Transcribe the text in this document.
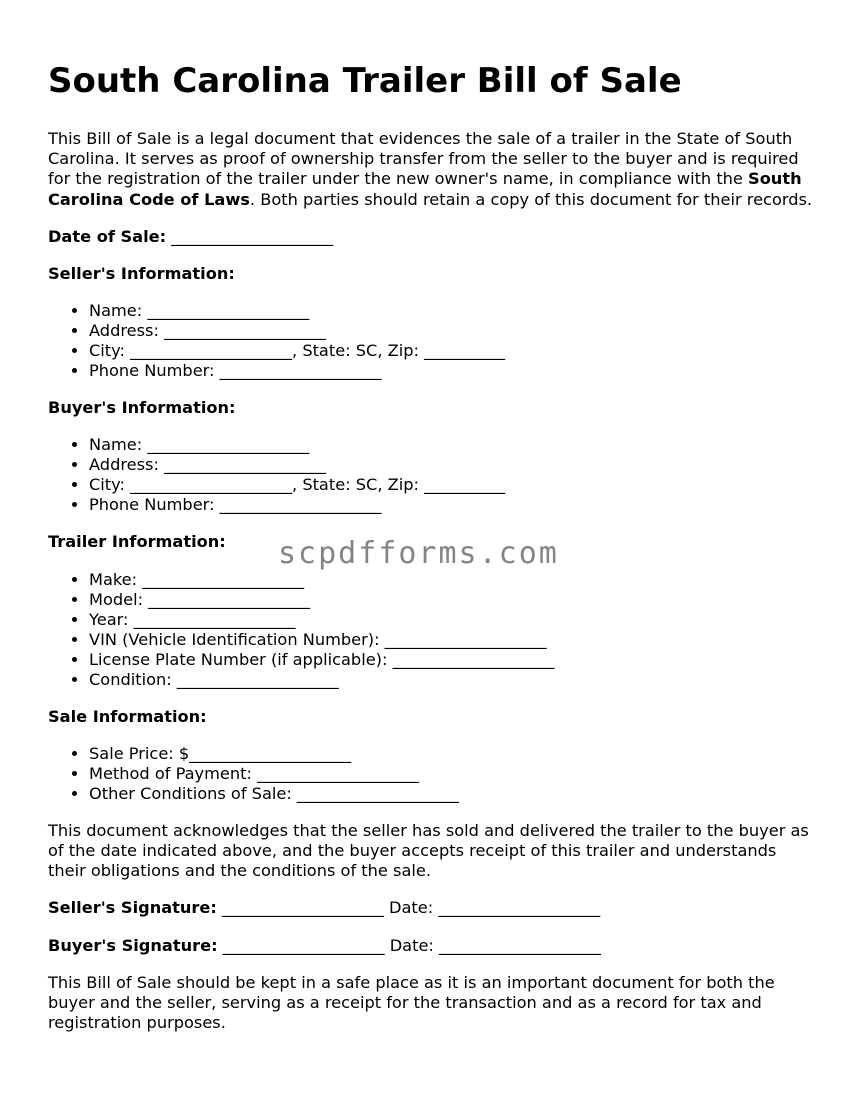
South Carolina Trailer Bill of Sale

This Bill of Sale is a legal document that evidences the sale of a trailer in the State of South Carolina. It serves as proof of ownership transfer from the seller to the buyer and is required for the registration of the trailer under the new owner's name, in compliance with the South Carolina Code of Laws. Both parties should retain a copy of this document for their records.

Date of Sale: ____________________

Seller's Information:

• Name: ____________________
• Address: ____________________
• City: ____________________, State: SC, Zip: __________
• Phone Number: ____________________

Buyer's Information:

• Name: ____________________
• Address: ____________________
• City: ____________________, State: SC, Zip: __________
• Phone Number: ____________________

Trailer Information:

• Make: ____________________
• Model: ____________________
• Year: ____________________
• VIN (Vehicle Identification Number): ____________________
• License Plate Number (if applicable): ____________________
• Condition: ____________________

Sale Information:

• Sale Price: $____________________
• Method of Payment: ____________________
• Other Conditions of Sale: ____________________

This document acknowledges that the seller has sold and delivered the trailer to the buyer as of the date indicated above, and the buyer accepts receipt of this trailer and understands their obligations and the conditions of the sale.

Seller's Signature: ____________________ Date: ____________________

Buyer's Signature: ____________________ Date: ____________________

This Bill of Sale should be kept in a safe place as it is an important document for both the buyer and the seller, serving as a receipt for the transaction and as a record for tax and registration purposes.

scpdfforms.com
